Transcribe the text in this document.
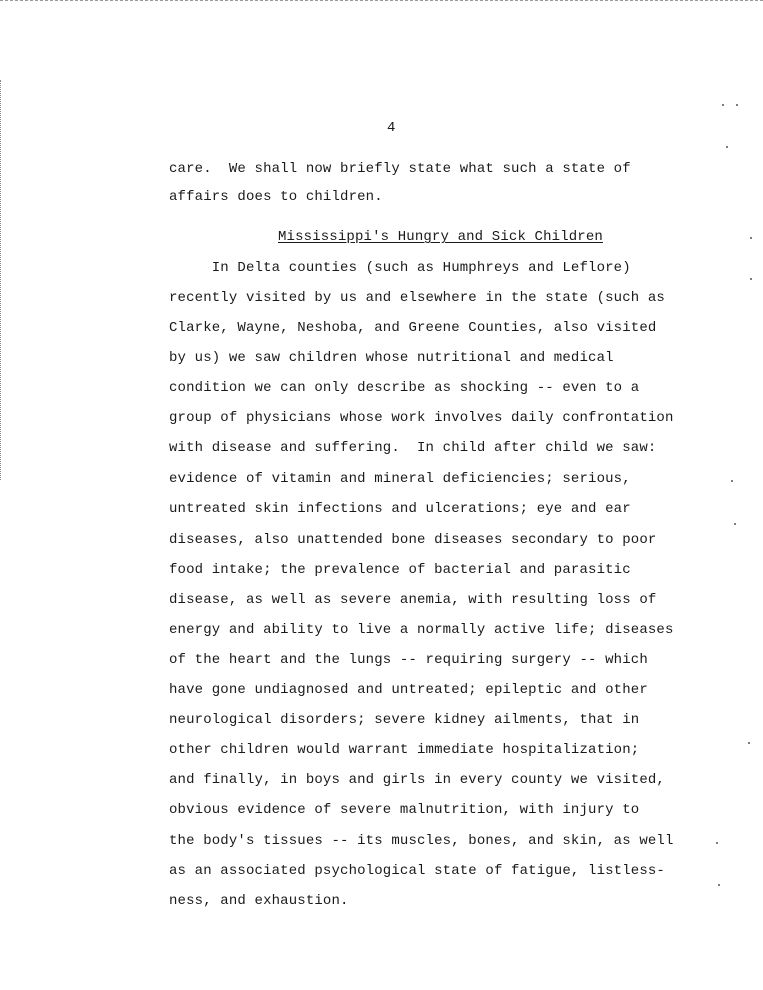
4
care.  We shall now briefly state what such a state of
affairs does to children.
Mississippi's Hungry and Sick Children
In Delta counties (such as Humphreys and Leflore)
recently visited by us and elsewhere in the state (such as
Clarke, Wayne, Neshoba, and Greene Counties, also visited
by us) we saw children whose nutritional and medical
condition we can only describe as shocking -- even to a
group of physicians whose work involves daily confrontation
with disease and suffering.  In child after child we saw:
evidence of vitamin and mineral deficiencies; serious,
untreated skin infections and ulcerations; eye and ear
diseases, also unattended bone diseases secondary to poor
food intake; the prevalence of bacterial and parasitic
disease, as well as severe anemia, with resulting loss of
energy and ability to live a normally active life; diseases
of the heart and the lungs -- requiring surgery -- which
have gone undiagnosed and untreated; epileptic and other
neurological disorders; severe kidney ailments, that in
other children would warrant immediate hospitalization;
and finally, in boys and girls in every county we visited,
obvious evidence of severe malnutrition, with injury to
the body's tissues -- its muscles, bones, and skin, as well
as an associated psychological state of fatigue, listless-
ness, and exhaustion.
